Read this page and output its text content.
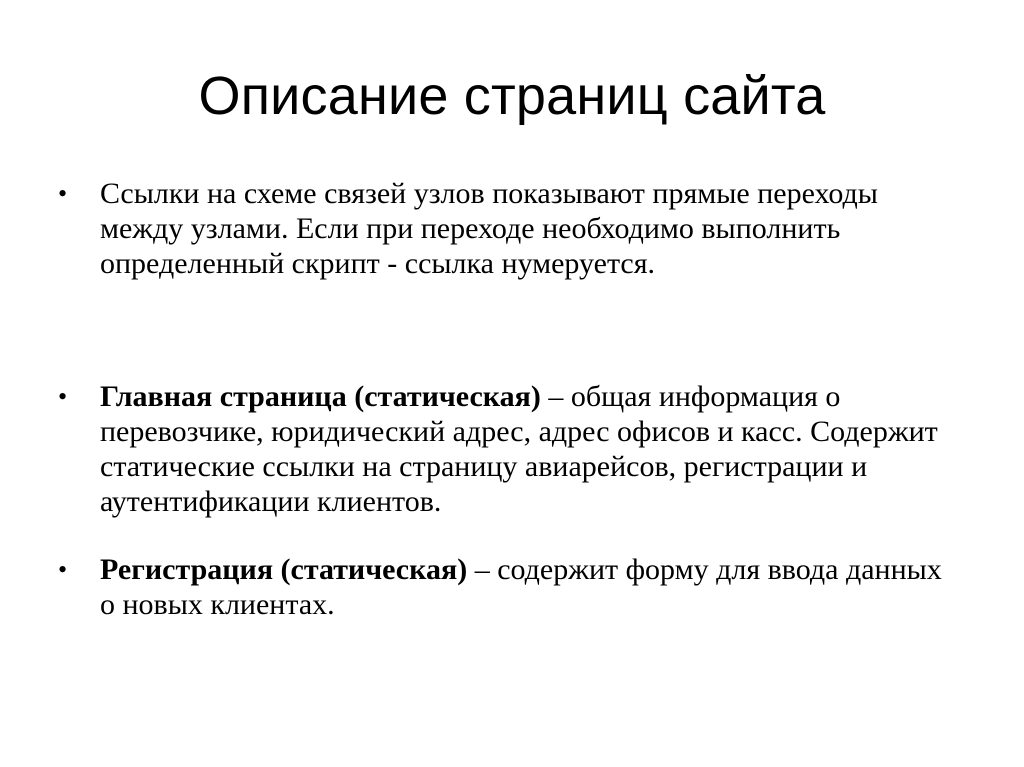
Описание страниц сайта
•	Ссылки на схеме связей узлов показывают прямые переходы между узлами. Если при переходе необходимо выполнить определенный скрипт - ссылка нумеруется.
•	Главная страница (статическая) – общая информация о перевозчике, юридический адрес, адрес офисов и касс. Содержит статические ссылки на страницу авиарейсов, регистрации и аутентификации клиентов.
•	Регистрация (статическая) – содержит форму для ввода данных о новых клиентах.
